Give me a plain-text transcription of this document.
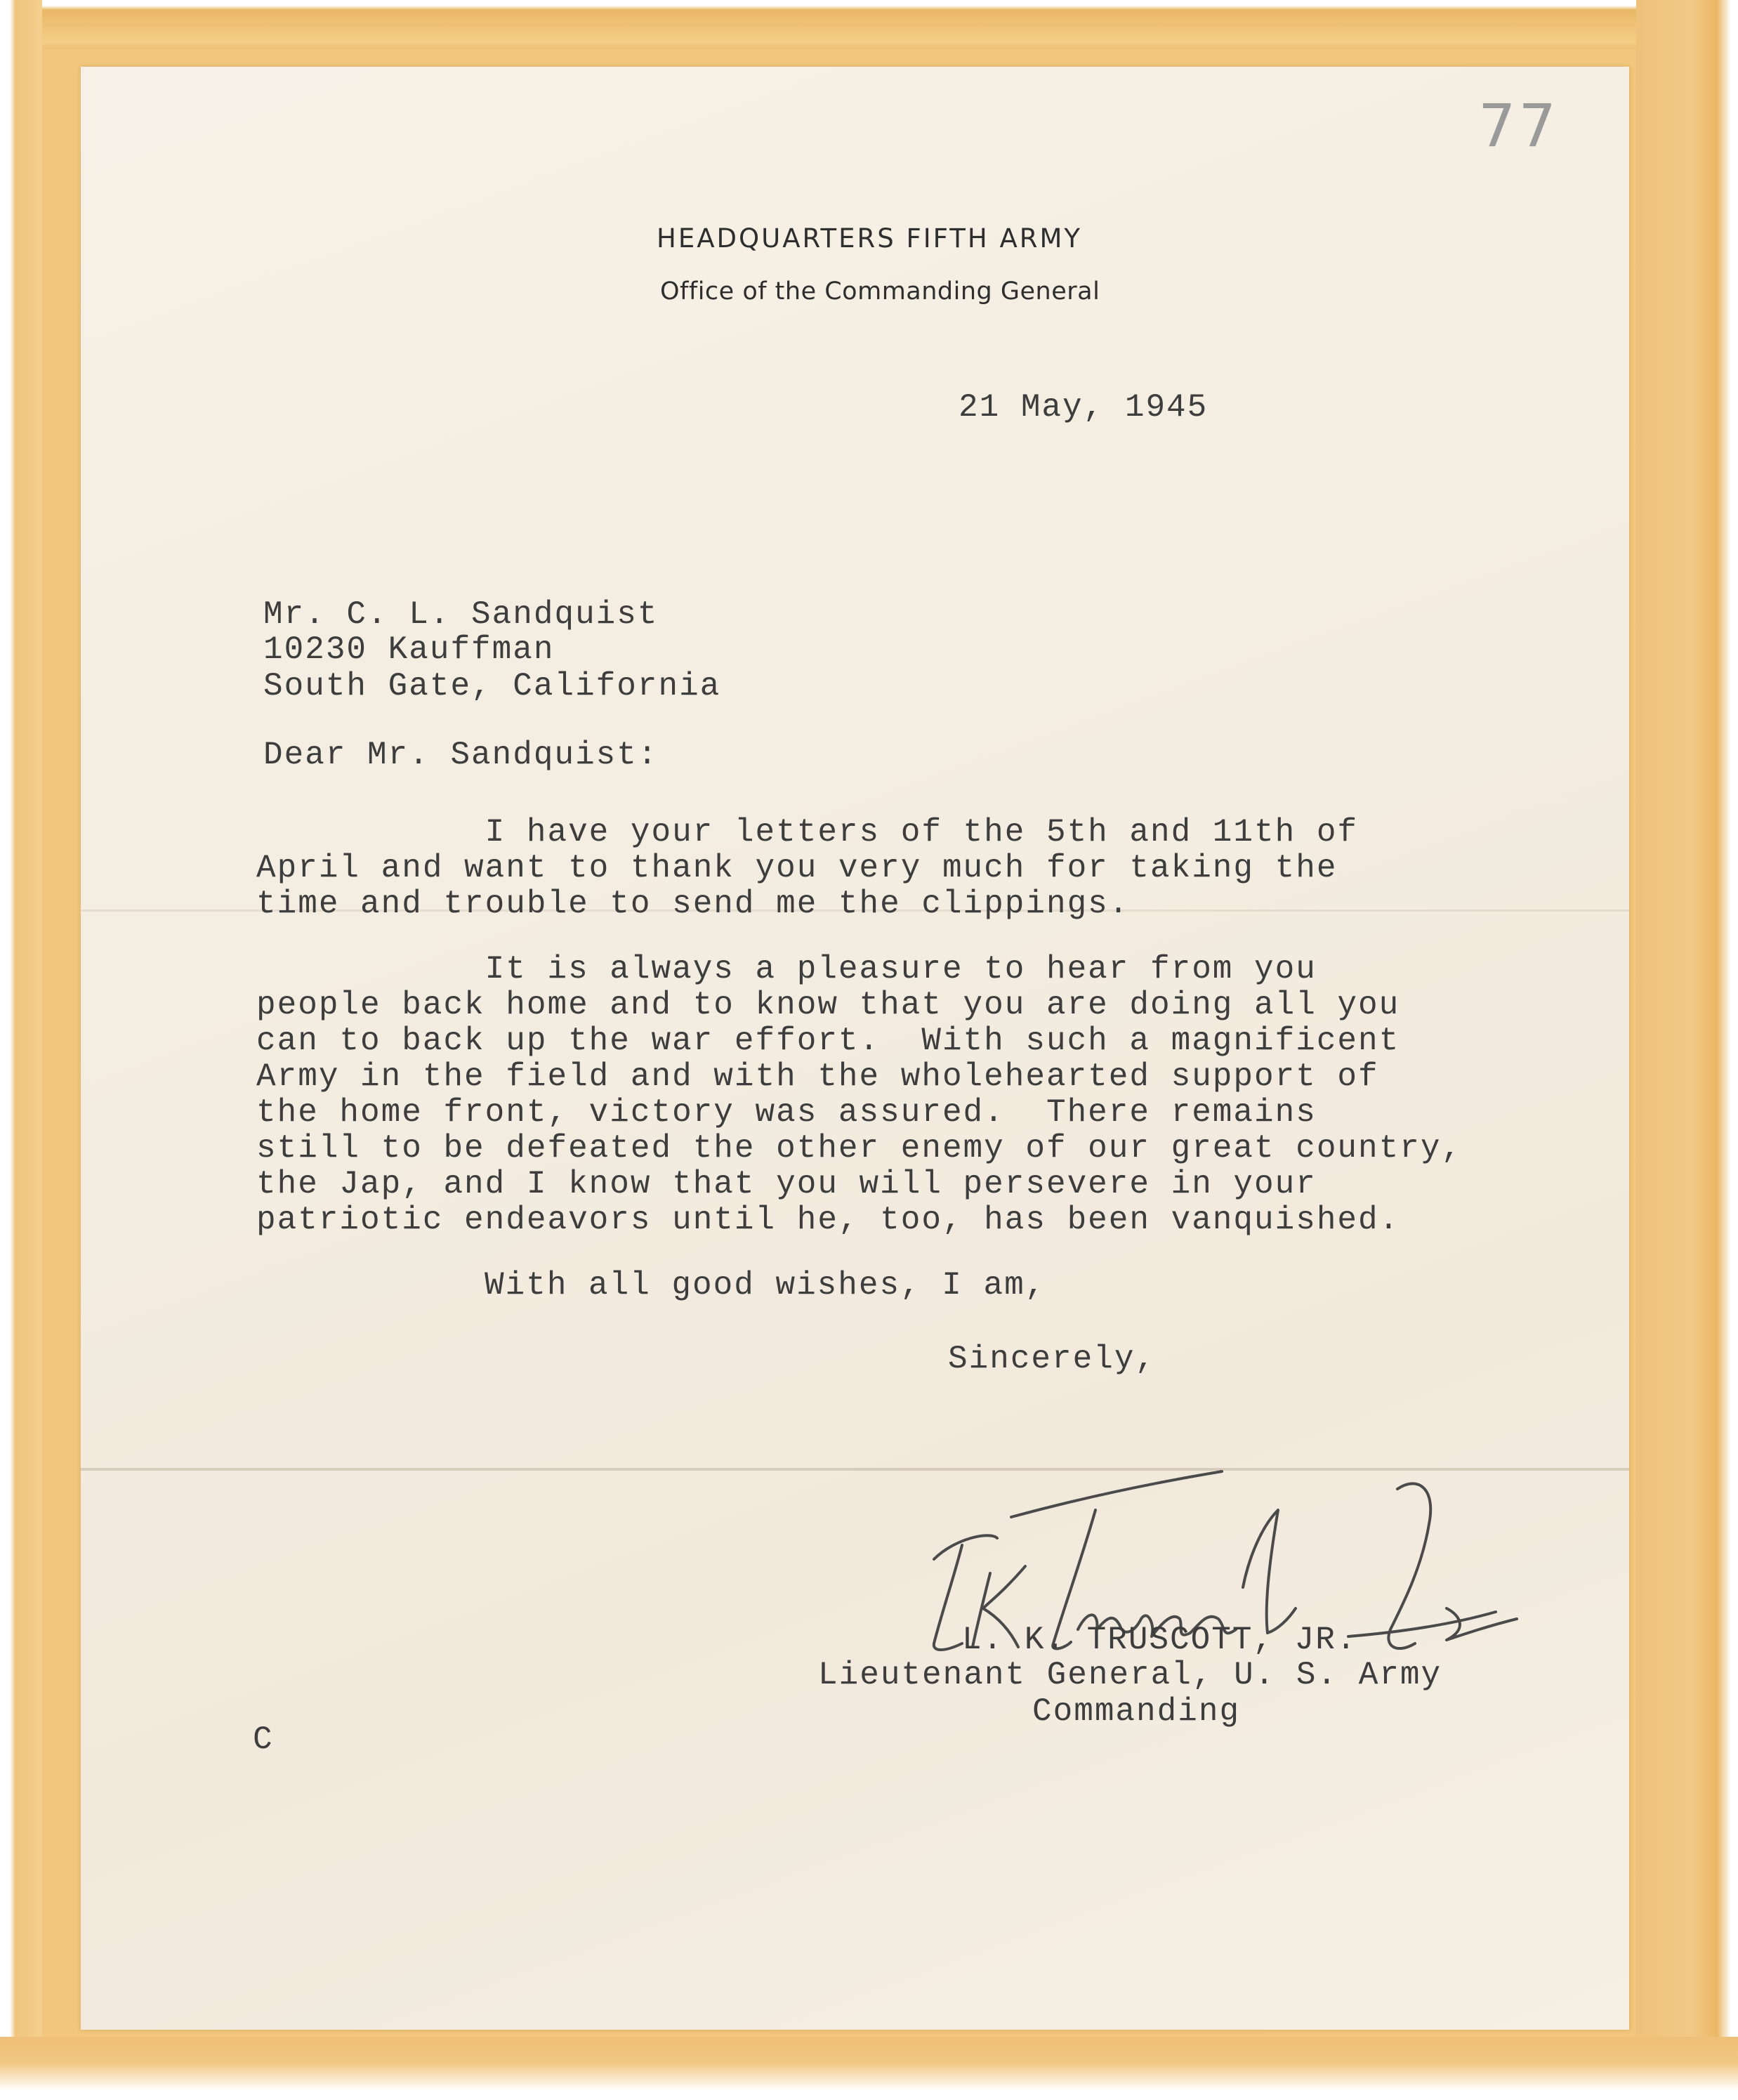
77

HEADQUARTERS FIFTH ARMY

Office of the Commanding General

21 May, 1945

Mr. C. L. Sandquist

10230 Kauffman

South Gate, California

Dear Mr. Sandquist:

I have your letters of the 5th and 11th of
April and want to thank you very much for taking the
time and trouble to send me the clippings.

It is always a pleasure to hear from you
people back home and to know that you are doing all you
can to back up the war effort.  With such a magnificent
Army in the field and with the wholehearted support of
the home front, victory was assured.  There remains
still to be defeated the other enemy of our great country,
the Jap, and I know that you will persevere in your
patriotic endeavors until he, too, has been vanquished.

With all good wishes, I am,

Sincerely,

L. K. TRUSCOTT, JR.

Lieutenant General, U. S. Army

Commanding

C
